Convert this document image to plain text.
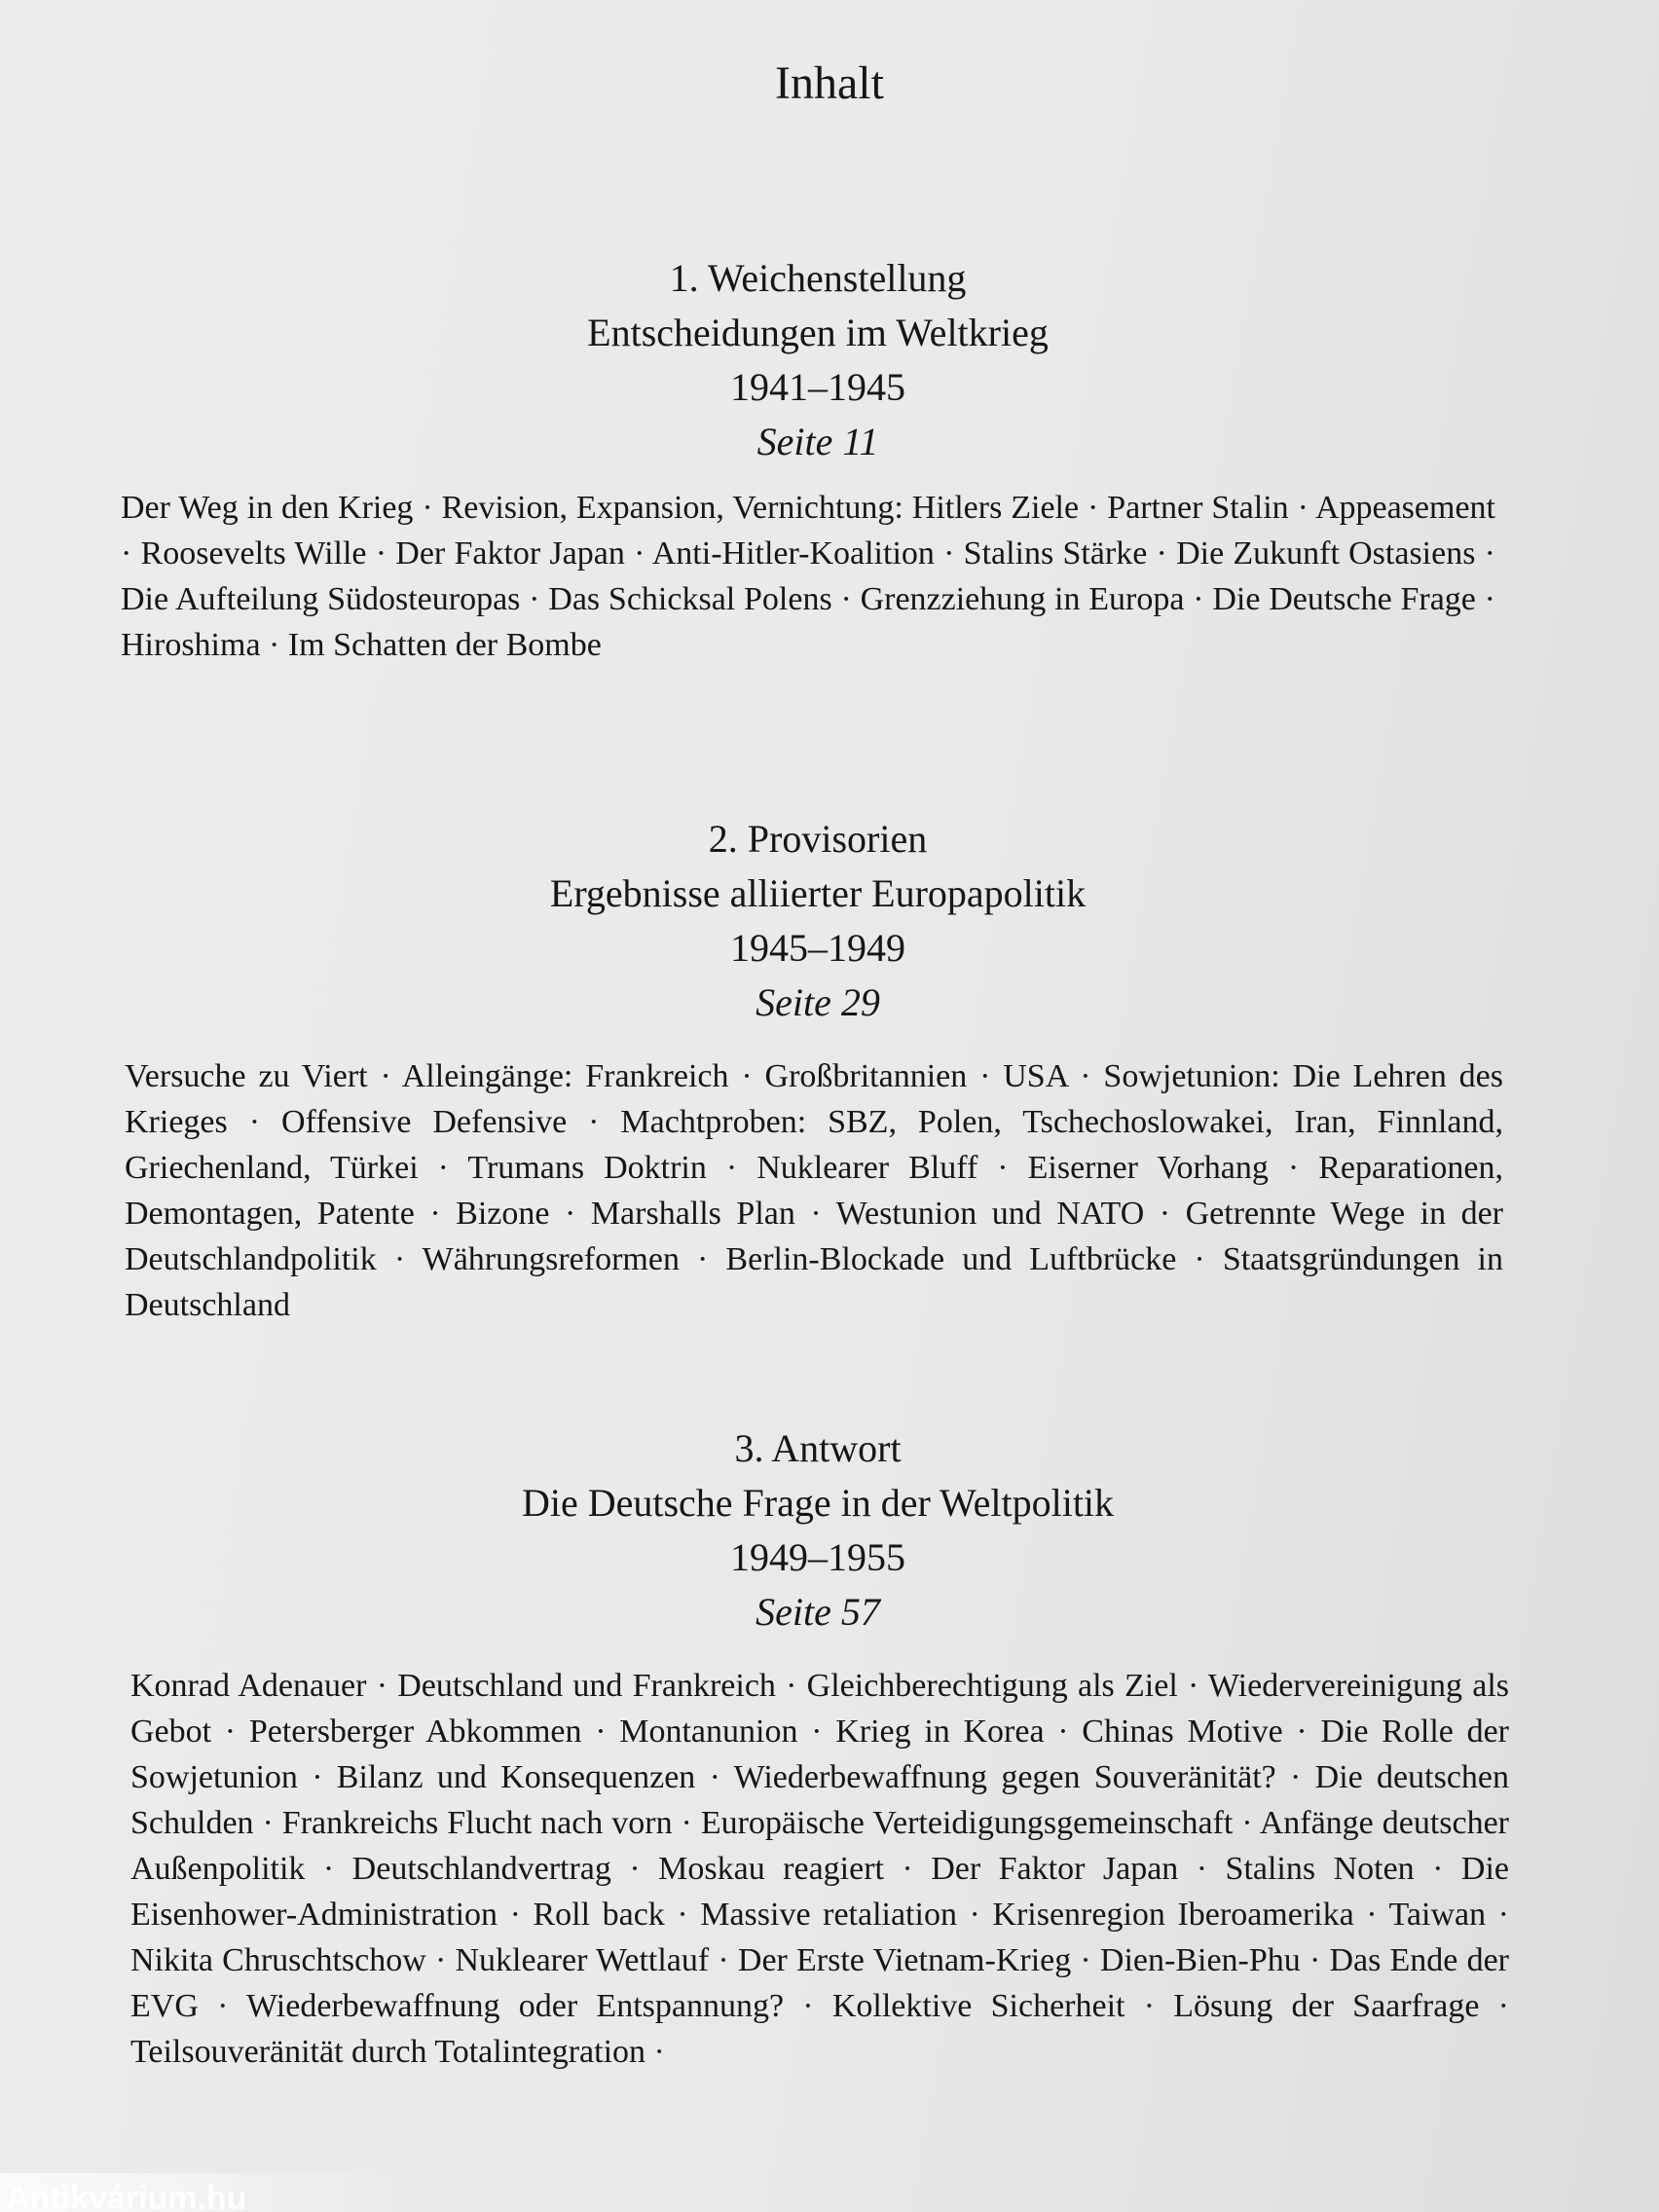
Inhalt
1. Weichenstellung
Entscheidungen im Weltkrieg
1941–1945
Seite 11
Der Weg in den Krieg · Revision, Expansion, Vernichtung: Hitlers Ziele · Partner Stalin · Appeasement · Roosevelts Wille · Der Faktor Japan · Anti-Hitler-Koalition · Stalins Stärke · Die Zukunft Ostasiens · Die Aufteilung Südosteuropas · Das Schicksal Polens · Grenzziehung in Europa · Die Deutsche Frage · Hiroshima · Im Schatten der Bombe
2. Provisorien
Ergebnisse alliierter Europapolitik
1945–1949
Seite 29
Versuche zu Viert · Alleingänge: Frankreich · Großbritannien · USA · Sowjetunion: Die Lehren des Krieges · Offensive Defensive · Machtproben: SBZ, Polen, Tschechoslowakei, Iran, Finnland, Griechenland, Türkei · Trumans Doktrin · Nuklearer Bluff · Eiserner Vorhang · Reparationen, Demontagen, Patente · Bizone · Marshalls Plan · Westunion und NATO · Getrennte Wege in der Deutschlandpolitik · Währungsreformen · Berlin-Blockade und Luftbrücke · Staatsgründungen in Deutschland
3. Antwort
Die Deutsche Frage in der Weltpolitik
1949–1955
Seite 57
Konrad Adenauer · Deutschland und Frankreich · Gleichberechtigung als Ziel · Wiedervereinigung als Gebot · Petersberger Abkommen · Montanunion · Krieg in Korea · Chinas Motive · Die Rolle der Sowjetunion · Bilanz und Konsequenzen · Wiederbewaffnung gegen Souveränität? · Die deutschen Schulden · Frankreichs Flucht nach vorn · Europäische Verteidigungsgemeinschaft · Anfänge deutscher Außenpolitik · Deutschlandvertrag · Moskau reagiert · Der Faktor Japan · Stalins Noten · Die Eisenhower-Administration · Roll back · Massive retaliation · Krisenregion Iberoamerika · Taiwan · Nikita Chruschtschow · Nuklearer Wettlauf · Der Erste Vietnam-Krieg · Dien-Bien-Phu · Das Ende der EVG · Wiederbewaffnung oder Entspannung? · Kollektive Sicherheit · Lösung der Saarfrage · Teilsouveränität durch Totalintegration ·
Antikvárium.hu
